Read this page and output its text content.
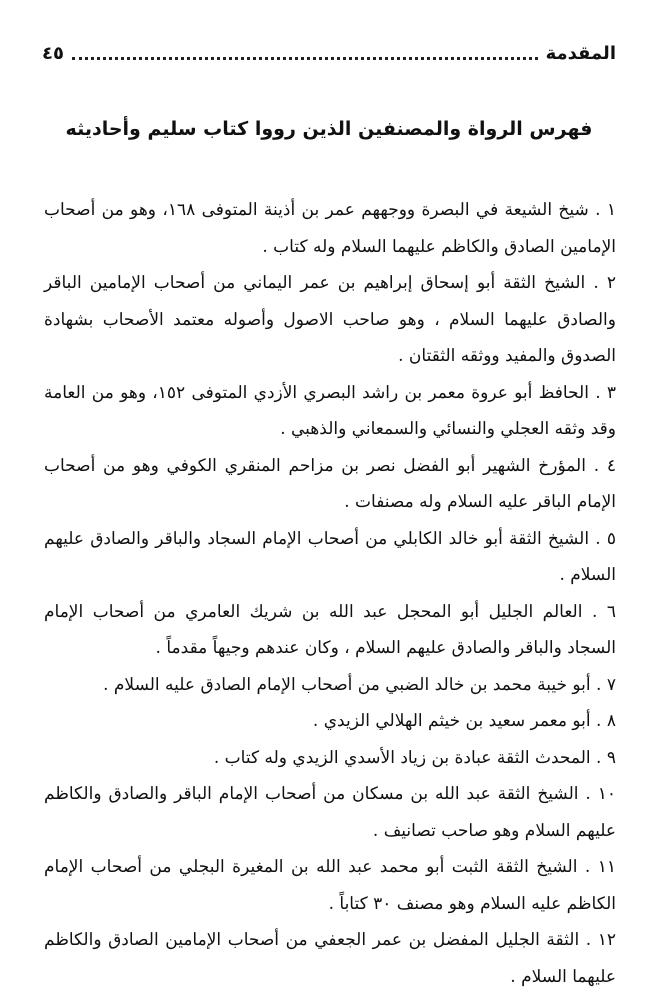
المقدمة
٤٥
فهرس الرواة والمصنفين الذين رووا كتاب سليم وأحاديثه
١ . شيخ الشيعة في البصرة ووجههم عمر بن أذينة المتوفى ١٦٨، وهو من أصحاب الإمامين الصادق والكاظم عليهما السلام وله كتاب .
٢ . الشيخ الثقة أبو إسحاق إبراهيم بن عمر اليماني من أصحاب الإمامين الباقر والصادق عليهما السلام ، وهو صاحب الاصول وأصوله معتمد الأصحاب بشهادة الصدوق والمفيد ووثقه الثقتان .
٣ . الحافظ أبو عروة معمر بن راشد البصري الأزدي المتوفى ١٥٢، وهو من العامة وقد وثقه العجلي والنسائي والسمعاني والذهبي .
٤ . المؤرخ الشهير أبو الفضل نصر بن مزاحم المنقري الكوفي وهو من أصحاب الإمام الباقر عليه السلام وله مصنفات .
٥ . الشيخ الثقة أبو خالد الكابلي من أصحاب الإمام السجاد والباقر والصادق عليهم السلام .
٦ . العالم الجليل أبو المحجل عبد الله بن شريك العامري من أصحاب الإمام السجاد والباقر والصادق عليهم السلام ، وكان عندهم وجيهاً مقدماً .
٧ . أبو خيبة محمد بن خالد الضبي من أصحاب الإمام الصادق عليه السلام .
٨ . أبو معمر سعيد بن خيثم الهلالي الزيدي .
٩ . المحدث الثقة عبادة بن زياد الأسدي الزيدي وله كتاب .
١٠ . الشيخ الثقة عبد الله بن مسكان من أصحاب الإمام الباقر والصادق والكاظم عليهم السلام وهو صاحب تصانيف .
١١ . الشيخ الثقة الثبت أبو محمد عبد الله بن المغيرة البجلي من أصحاب الإمام الكاظم عليه السلام وهو مصنف ٣٠ كتاباً .
١٢ . الثقة الجليل المفضل بن عمر الجعفي من أصحاب الإمامين الصادق والكاظم عليهما السلام .
